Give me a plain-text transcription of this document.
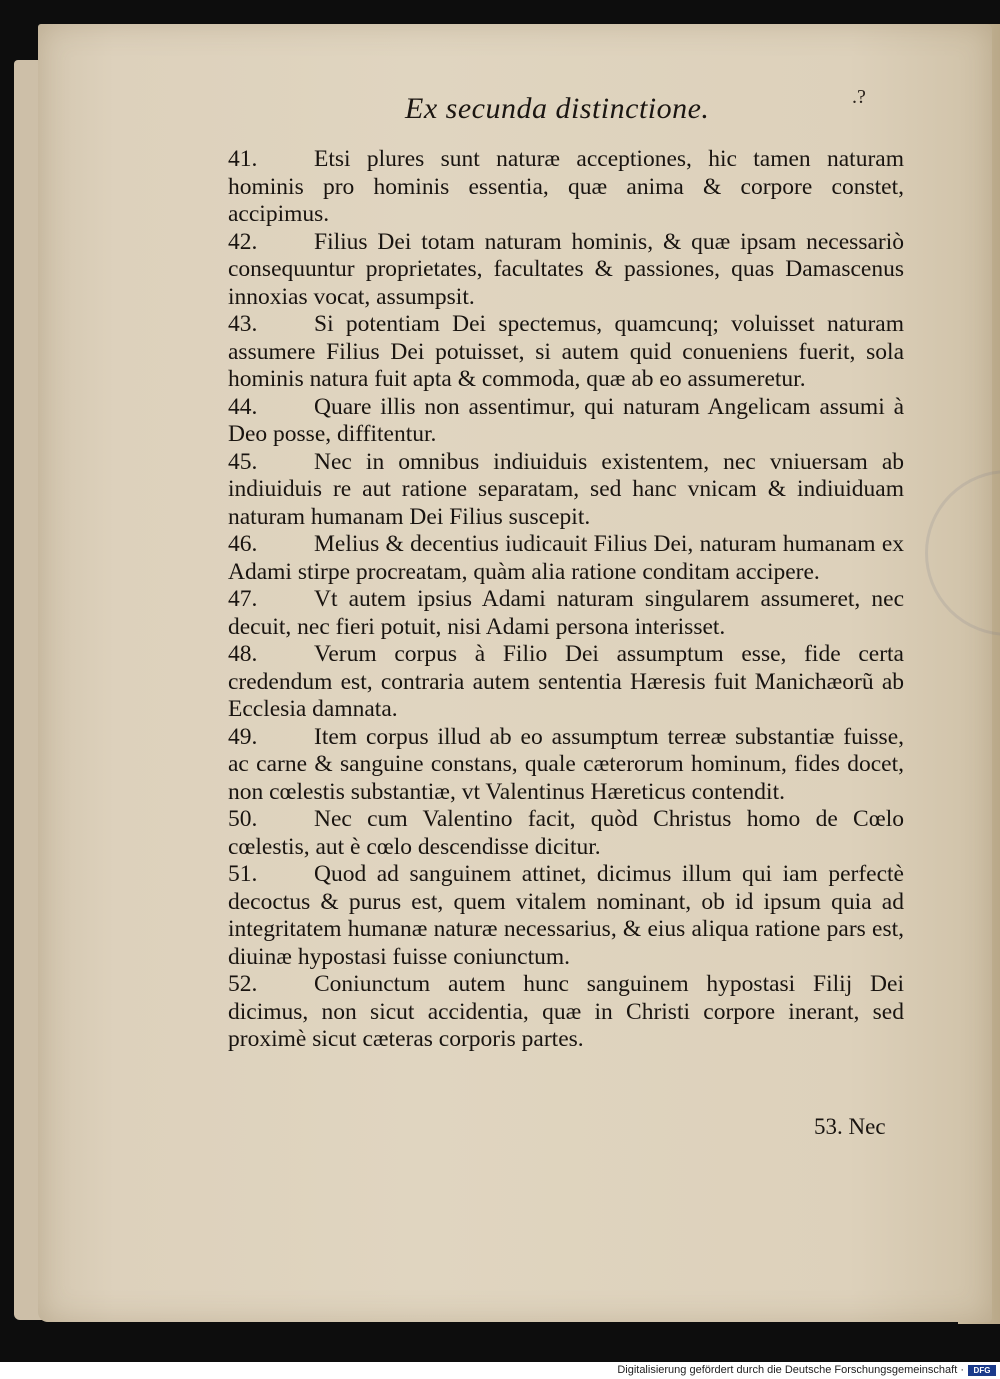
Ex secunda distinctione.	.?
41.	Etsi plures sunt naturæ acceptiones, hic tamen naturam hominis pro hominis essentia, quæ anima & corpore constet, accipimus.
42.	Filius Dei totam naturam hominis, & quæ ipsam necessariò consequuntur proprietates, facultates & passiones, quas Damascenus innoxias vocat, assumpsit.
43.	Si potentiam Dei spectemus, quamcunq; voluisset naturam assumere Filius Dei potuisset, si autem quid conueniens fuerit, sola hominis natura fuit apta & commoda, quæ ab eo assumeretur.
44.	Quare illis non assentimur, qui naturam Angelicam assumi à Deo posse, diffitentur.
45.	Nec in omnibus indiuiduis existentem, nec vniuersam ab indiuiduis re aut ratione separatam, sed hanc vnicam & indiuiduam naturam humanam Dei Filius suscepit.
46.	Melius & decentius iudicauit Filius Dei, naturam humanam ex Adami stirpe procreatam, quàm alia ratione conditam accipere.
47.	Vt autem ipsius Adami naturam singularem assumeret, nec decuit, nec fieri potuit, nisi Adami persona interisset.
48.	Verum corpus à Filio Dei assumptum esse, fide certa credendum est, contraria autem sententia Hæresis fuit Manichæorũ ab Ecclesia damnata.
49.	Item corpus illud ab eo assumptum terreæ substantiæ fuisse, ac carne & sanguine constans, quale cæterorum hominum, fides docet, non cœlestis substantiæ, vt Valentinus Hæreticus contendit.
50.	Nec cum Valentino facit, quòd Christus homo de Cœlo cœlestis, aut è cœlo descendisse dicitur.
51.	Quod ad sanguinem attinet, dicimus illum qui iam perfectè decoctus & purus est, quem vitalem nominant, ob id ipsum quia ad integritatem humanæ naturæ necessarius, & eius aliqua ratione pars est, diuinæ hypostasi fuisse coniunctum.
52.	Coniunctum autem hunc sanguinem hypostasi Filij Dei dicimus, non sicut accidentia, quæ in Christi corpore inerant, sed proximè sicut cæteras corporis partes.
53. Nec
Digitalisierung gefördert durch die Deutsche Forschungsgemeinschaft ·	DFG
